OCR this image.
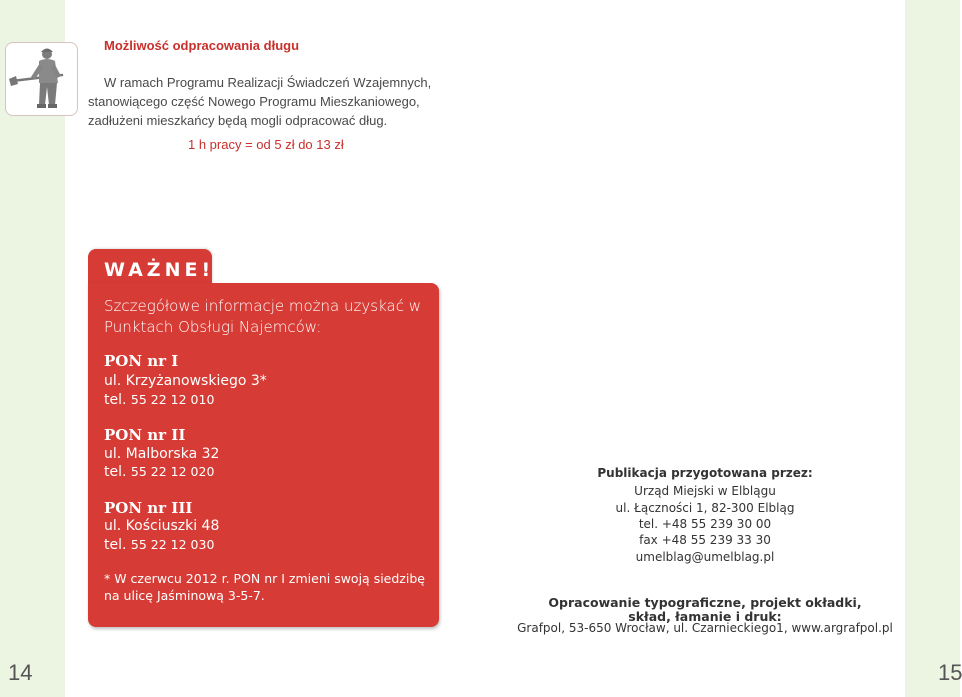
14	15
Możliwość odpracowania długu
W ramach Programu Realizacji Świadczeń Wzajemnych, stanowiącego część Nowego Programu Mieszkaniowego, zadłużeni mieszkańcy będą mogli odpracować dług.
1 h pracy = od 5 zł do 13 zł
WAŻNE!
Szczegółowe informacje można uzyskać w Punktach Obsługi Najemców:
PON nr I
ul. Krzyżanowskiego 3*
tel. 55 22 12 010
PON nr II
ul. Malborska 32
tel. 55 22 12 020
PON nr III
ul. Kościuszki 48
tel. 55 22 12 030
* W czerwcu 2012 r. PON nr I zmieni swoją siedzibę na ulicę Jaśminową 3-5-7.
Publikacja przygotowana przez:
Urząd Miejski w Elblągu
ul. Łączności 1, 82-300 Elbląg
tel. +48 55 239 30 00
fax +48 55 239 33 30
umelblag@umelblag.pl
Opracowanie typograficzne, projekt okładki,
skład, łamanie i druk:
Grafpol, 53-650 Wrocław, ul. Czarnieckiego1, www.argrafpol.pl
